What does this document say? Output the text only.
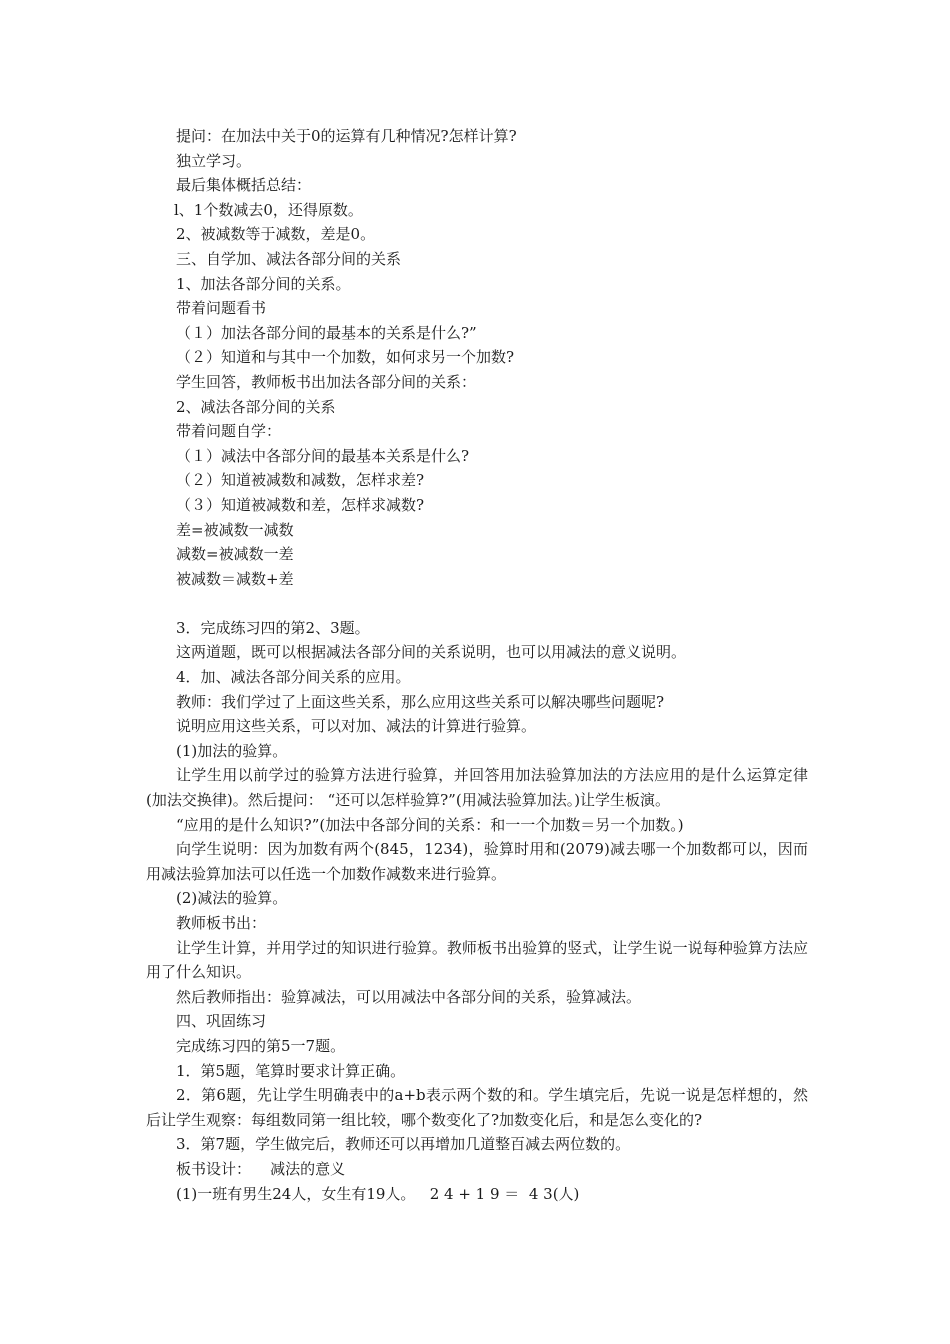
提问：在加法中关于0的运算有几种情况?怎样计算?
独立学习。
最后集体概括总结：
l、1个数减去0，还得原数。
2、被减数等于减数，差是0。
三、自学加、减法各部分间的关系
1、加法各部分间的关系。
带着问题看书
（１）加法各部分间的最基本的关系是什么?”
（２）知道和与其中一个加数，如何求另一个加数?
学生回答，教师板书出加法各部分间的关系：
2、减法各部分间的关系
带着问题自学：
（１）减法中各部分间的最基本关系是什么?
（２）知道被减数和减数，怎样求差?
（３）知道被减数和差，怎样求减数?
差=被减数一减数
减数=被减数一差
被减数＝减数+差
3．完成练习四的第2、3题。
这两道题，既可以根据减法各部分间的关系说明，也可以用减法的意义说明。
4．加、减法各部分间关系的应用。
教师：我们学过了上面这些关系，那么应用这些关系可以解决哪些问题呢?
说明应用这些关系，可以对加、减法的计算进行验算。
(1)加法的验算。
让学生用以前学过的验算方法进行验算，并回答用加法验算加法的方法应用的是什么运算定律(加法交换律)。然后提问： “还可以怎样验算?”(用减法验算加法。)让学生板演。
“应用的是什么知识?”(加法中各部分间的关系：和一一个加数＝另一个加数。)
向学生说明：因为加数有两个(845，1234)，验算时用和(2079)减去哪一个加数都可以，因而用减法验算加法可以任选一个加数作减数来进行验算。
(2)减法的验算。
教师板书出：
让学生计算，并用学过的知识进行验算。教师板书出验算的竖式，让学生说一说每种验算方法应用了什么知识。
然后教师指出：验算减法，可以用减法中各部分间的关系，验算减法。
四、巩固练习
完成练习四的第5一7题。
1．第5题，笔算时要求计算正确。
2．第6题，先让学生明确表中的a+b表示两个数的和。学生填完后，先说一说是怎样想的，然后让学生观察：每组数同第一组比较，哪个数变化了?加数变化后，和是怎么变化的?
3．第7题，学生做完后，教师还可以再增加几道整百减去两位数的。
板书设计：    减法的意义
(1)一班有男生24人，女生有19人。   2 4 + 1 9 ＝  4 3(人)
